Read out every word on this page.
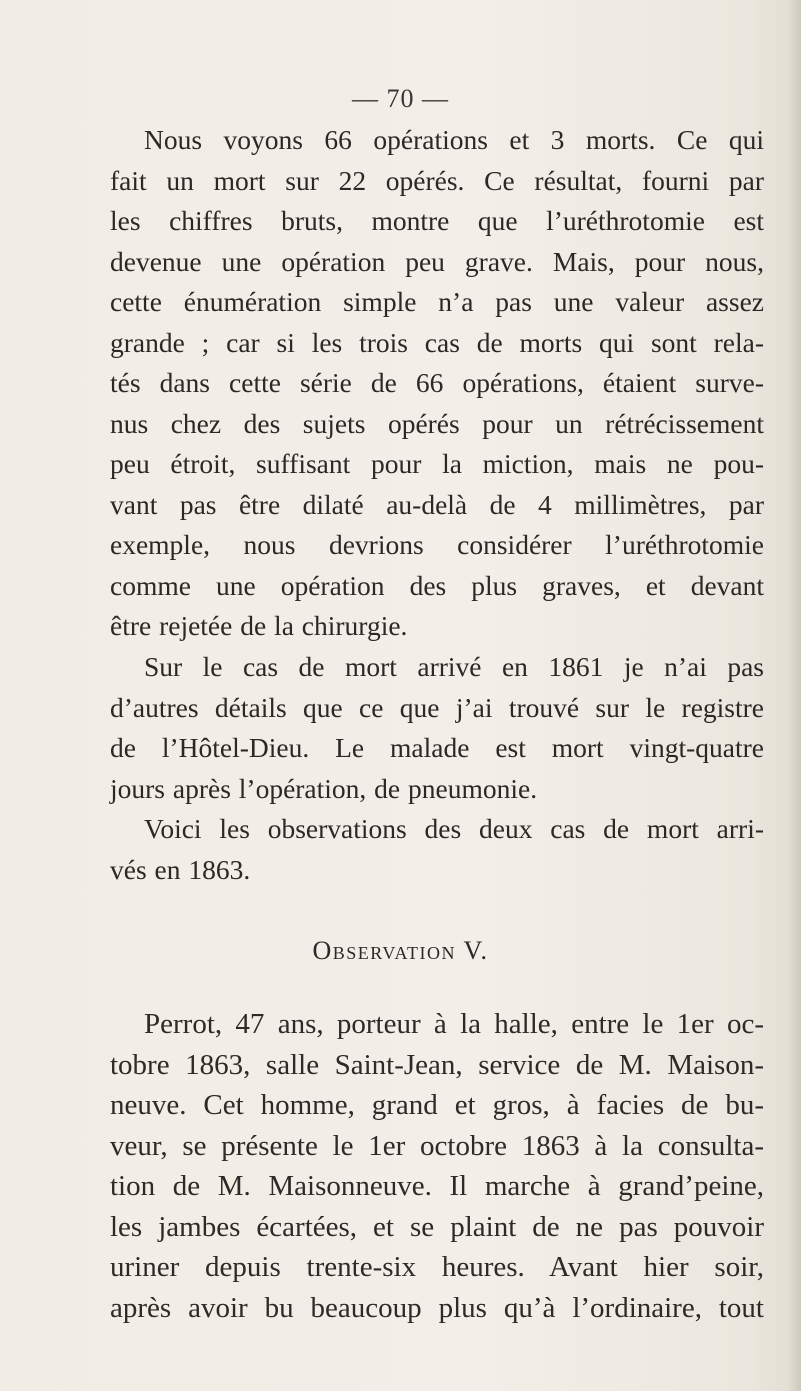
— 70 —
Nous voyons 66 opérations et 3 morts. Ce qui
fait un mort sur 22 opérés. Ce résultat, fourni par
les chiffres bruts, montre que l’uréthrotomie est
devenue une opération peu grave. Mais, pour nous,
cette énumération simple n’a pas une valeur assez
grande ; car si les trois cas de morts qui sont rela-
tés dans cette série de 66 opérations, étaient surve-
nus chez des sujets opérés pour un rétrécissement
peu étroit, suffisant pour la miction, mais ne pou-
vant pas être dilaté au-delà de 4 millimètres, par
exemple, nous devrions considérer l’uréthrotomie
comme une opération des plus graves, et devant
être rejetée de la chirurgie.
Sur le cas de mort arrivé en 1861 je n’ai pas
d’autres détails que ce que j’ai trouvé sur le registre
de l’Hôtel-Dieu. Le malade est mort vingt-quatre
jours après l’opération, de pneumonie.
Voici les observations des deux cas de mort arri-
vés en 1863.
Observation V.
Perrot, 47 ans, porteur à la halle, entre le 1er oc-
tobre 1863, salle Saint-Jean, service de M. Maison-
neuve. Cet homme, grand et gros, à facies de bu-
veur, se présente le 1er octobre 1863 à la consulta-
tion de M. Maisonneuve. Il marche à grand’peine,
les jambes écartées, et se plaint de ne pas pouvoir
uriner depuis trente-six heures. Avant hier soir,
après avoir bu beaucoup plus qu’à l’ordinaire, tout
